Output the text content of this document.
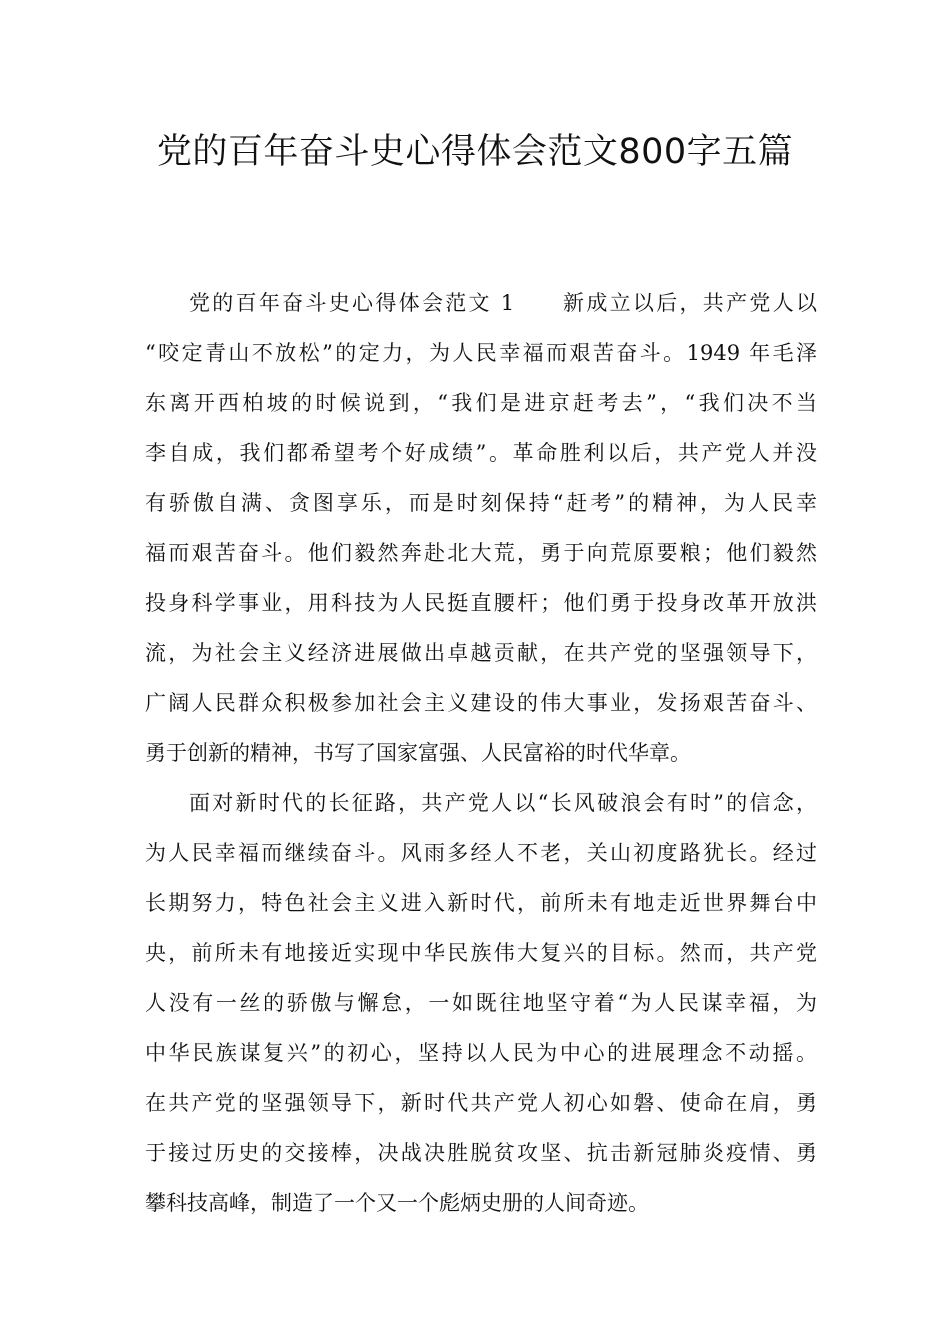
党的百年奋斗史心得体会范文800字五篇
党的百年奋斗史心得体会范文 1　　新成立以后，共产党人以
“咬定青山不放松”的定力，为人民幸福而艰苦奋斗。1949 年毛泽
东离开西柏坡的时候说到，“我们是进京赶考去”，“我们决不当
李自成，我们都希望考个好成绩”。革命胜利以后，共产党人并没
有骄傲自满、贪图享乐，而是时刻保持“赶考”的精神，为人民幸
福而艰苦奋斗。他们毅然奔赴北大荒，勇于向荒原要粮；他们毅然
投身科学事业，用科技为人民挺直腰杆；他们勇于投身改革开放洪
流，为社会主义经济进展做出卓越贡献，在共产党的坚强领导下，
广阔人民群众积极参加社会主义建设的伟大事业，发扬艰苦奋斗、
勇于创新的精神，书写了国家富强、人民富裕的时代华章。
面对新时代的长征路，共产党人以“长风破浪会有时”的信念，
为人民幸福而继续奋斗。风雨多经人不老，关山初度路犹长。经过
长期努力，特色社会主义进入新时代，前所未有地走近世界舞台中
央，前所未有地接近实现中华民族伟大复兴的目标。然而，共产党
人没有一丝的骄傲与懈怠，一如既往地坚守着“为人民谋幸福，为
中华民族谋复兴”的初心，坚持以人民为中心的进展理念不动摇。
在共产党的坚强领导下，新时代共产党人初心如磐、使命在肩，勇
于接过历史的交接棒，决战决胜脱贫攻坚、抗击新冠肺炎疫情、勇
攀科技高峰，制造了一个又一个彪炳史册的人间奇迹。
